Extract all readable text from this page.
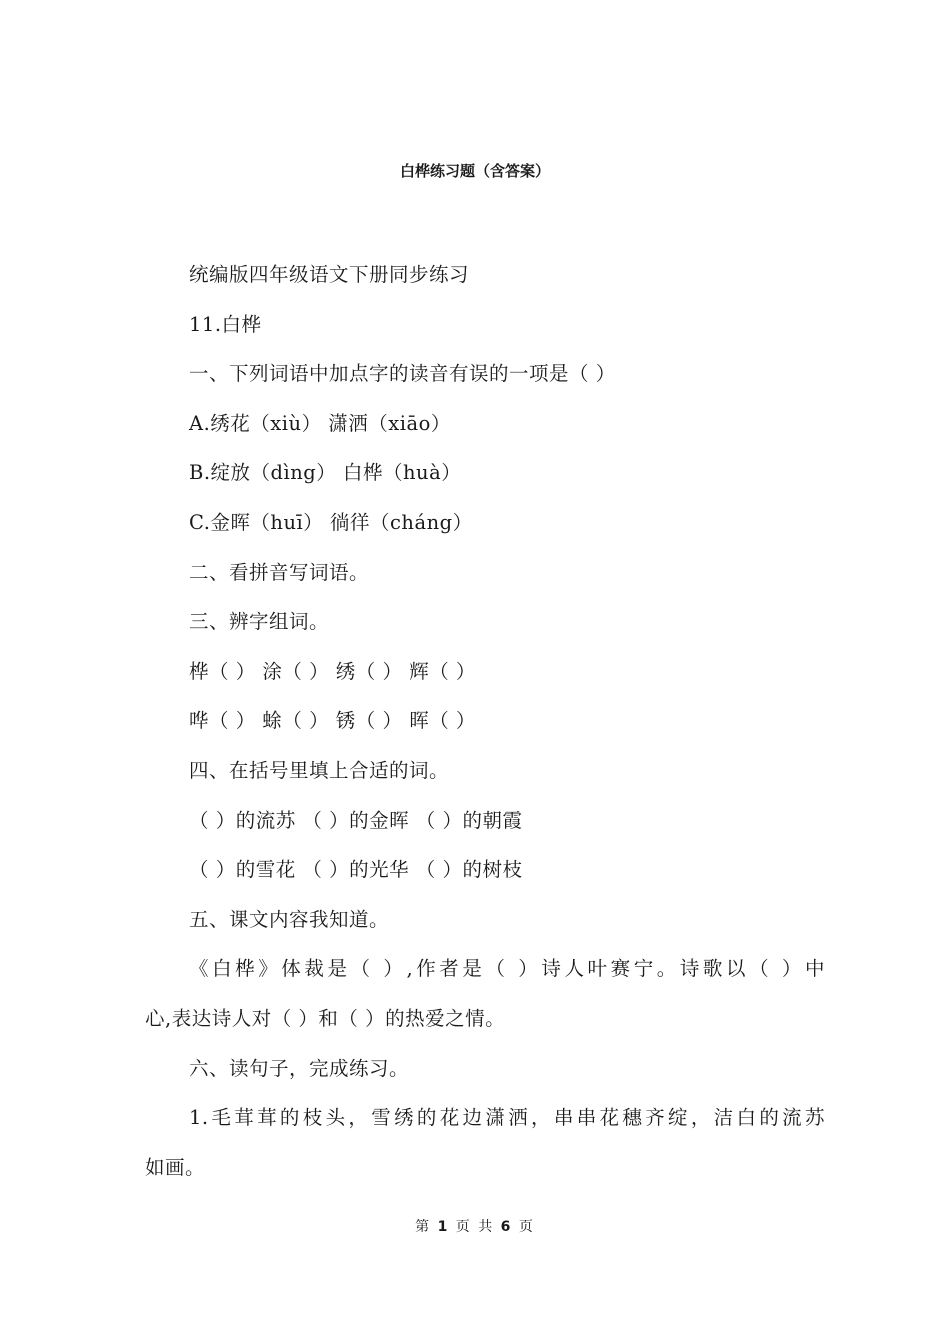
白桦练习题（含答案）
统编版四年级语文下册同步练习
11.白桦
一、下列词语中加点字的读音有误的一项是（ ）
A.绣花（xiù） 潇洒（xiāo）
B.绽放（dìng） 白桦（huà）
C.金晖（huī） 徜徉（cháng）
二、看拼音写词语。
三、辨字组词。
桦（ ） 涂（ ） 绣（ ） 辉（ ）
哗（ ） 蜍（ ） 锈（ ） 晖（ ）
四、在括号里填上合适的词。
（ ）的流苏 （ ）的金晖 （ ）的朝霞
（ ）的雪花 （ ）的光华 （ ）的树枝
五、课文内容我知道。
《白桦》体裁是（ ）,作者是（ ）诗人叶赛宁。诗歌以（ ）中
心,表达诗人对（ ）和（ ）的热爱之情。
六、读句子，完成练习。
1.毛茸茸的枝头，雪绣的花边潇洒，串串花穗齐绽，洁白的流苏
如画。
第 1 页 共 6 页
